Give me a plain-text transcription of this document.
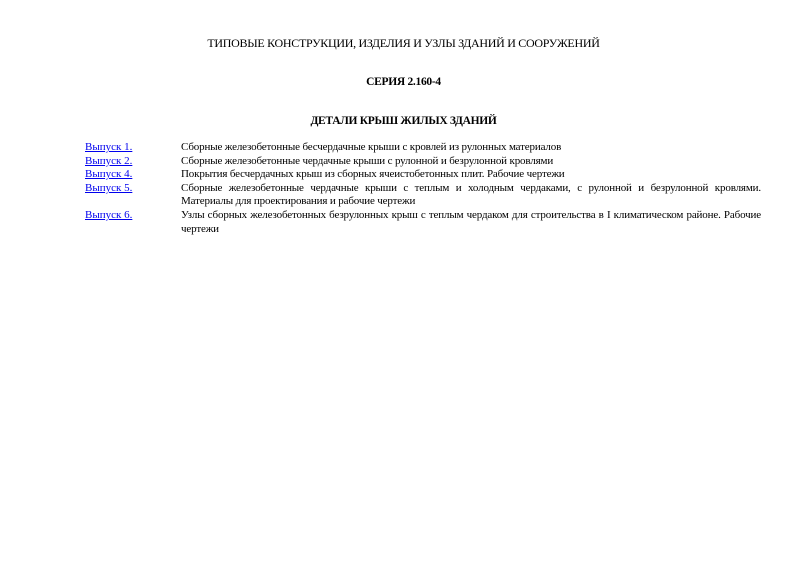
ТИПОВЫЕ КОНСТРУКЦИИ, ИЗДЕЛИЯ И УЗЛЫ ЗДАНИЙ И СООРУЖЕНИЙ
СЕРИЯ 2.160-4
ДЕТАЛИ КРЫШ ЖИЛЫХ ЗДАНИЙ
Выпуск 1.	Сборные железобетонные бесчердачные крыши с кровлей из рулонных материалов
Выпуск 2.	Сборные железобетонные чердачные крыши с рулонной и безрулонной кровлями
Выпуск 4.	Покрытия бесчердачных крыш из сборных ячеистобетонных плит. Рабочие чертежи
Выпуск 5.	Сборные железобетонные чердачные крыши с теплым и холодным чердаками, с рулонной и безрулонной кровлями. Материалы для проектирования и рабочие чертежи
Выпуск 6.	Узлы сборных железобетонных безрулонных крыш с теплым чердаком для строительства в I климатическом районе. Рабочие чертежи
